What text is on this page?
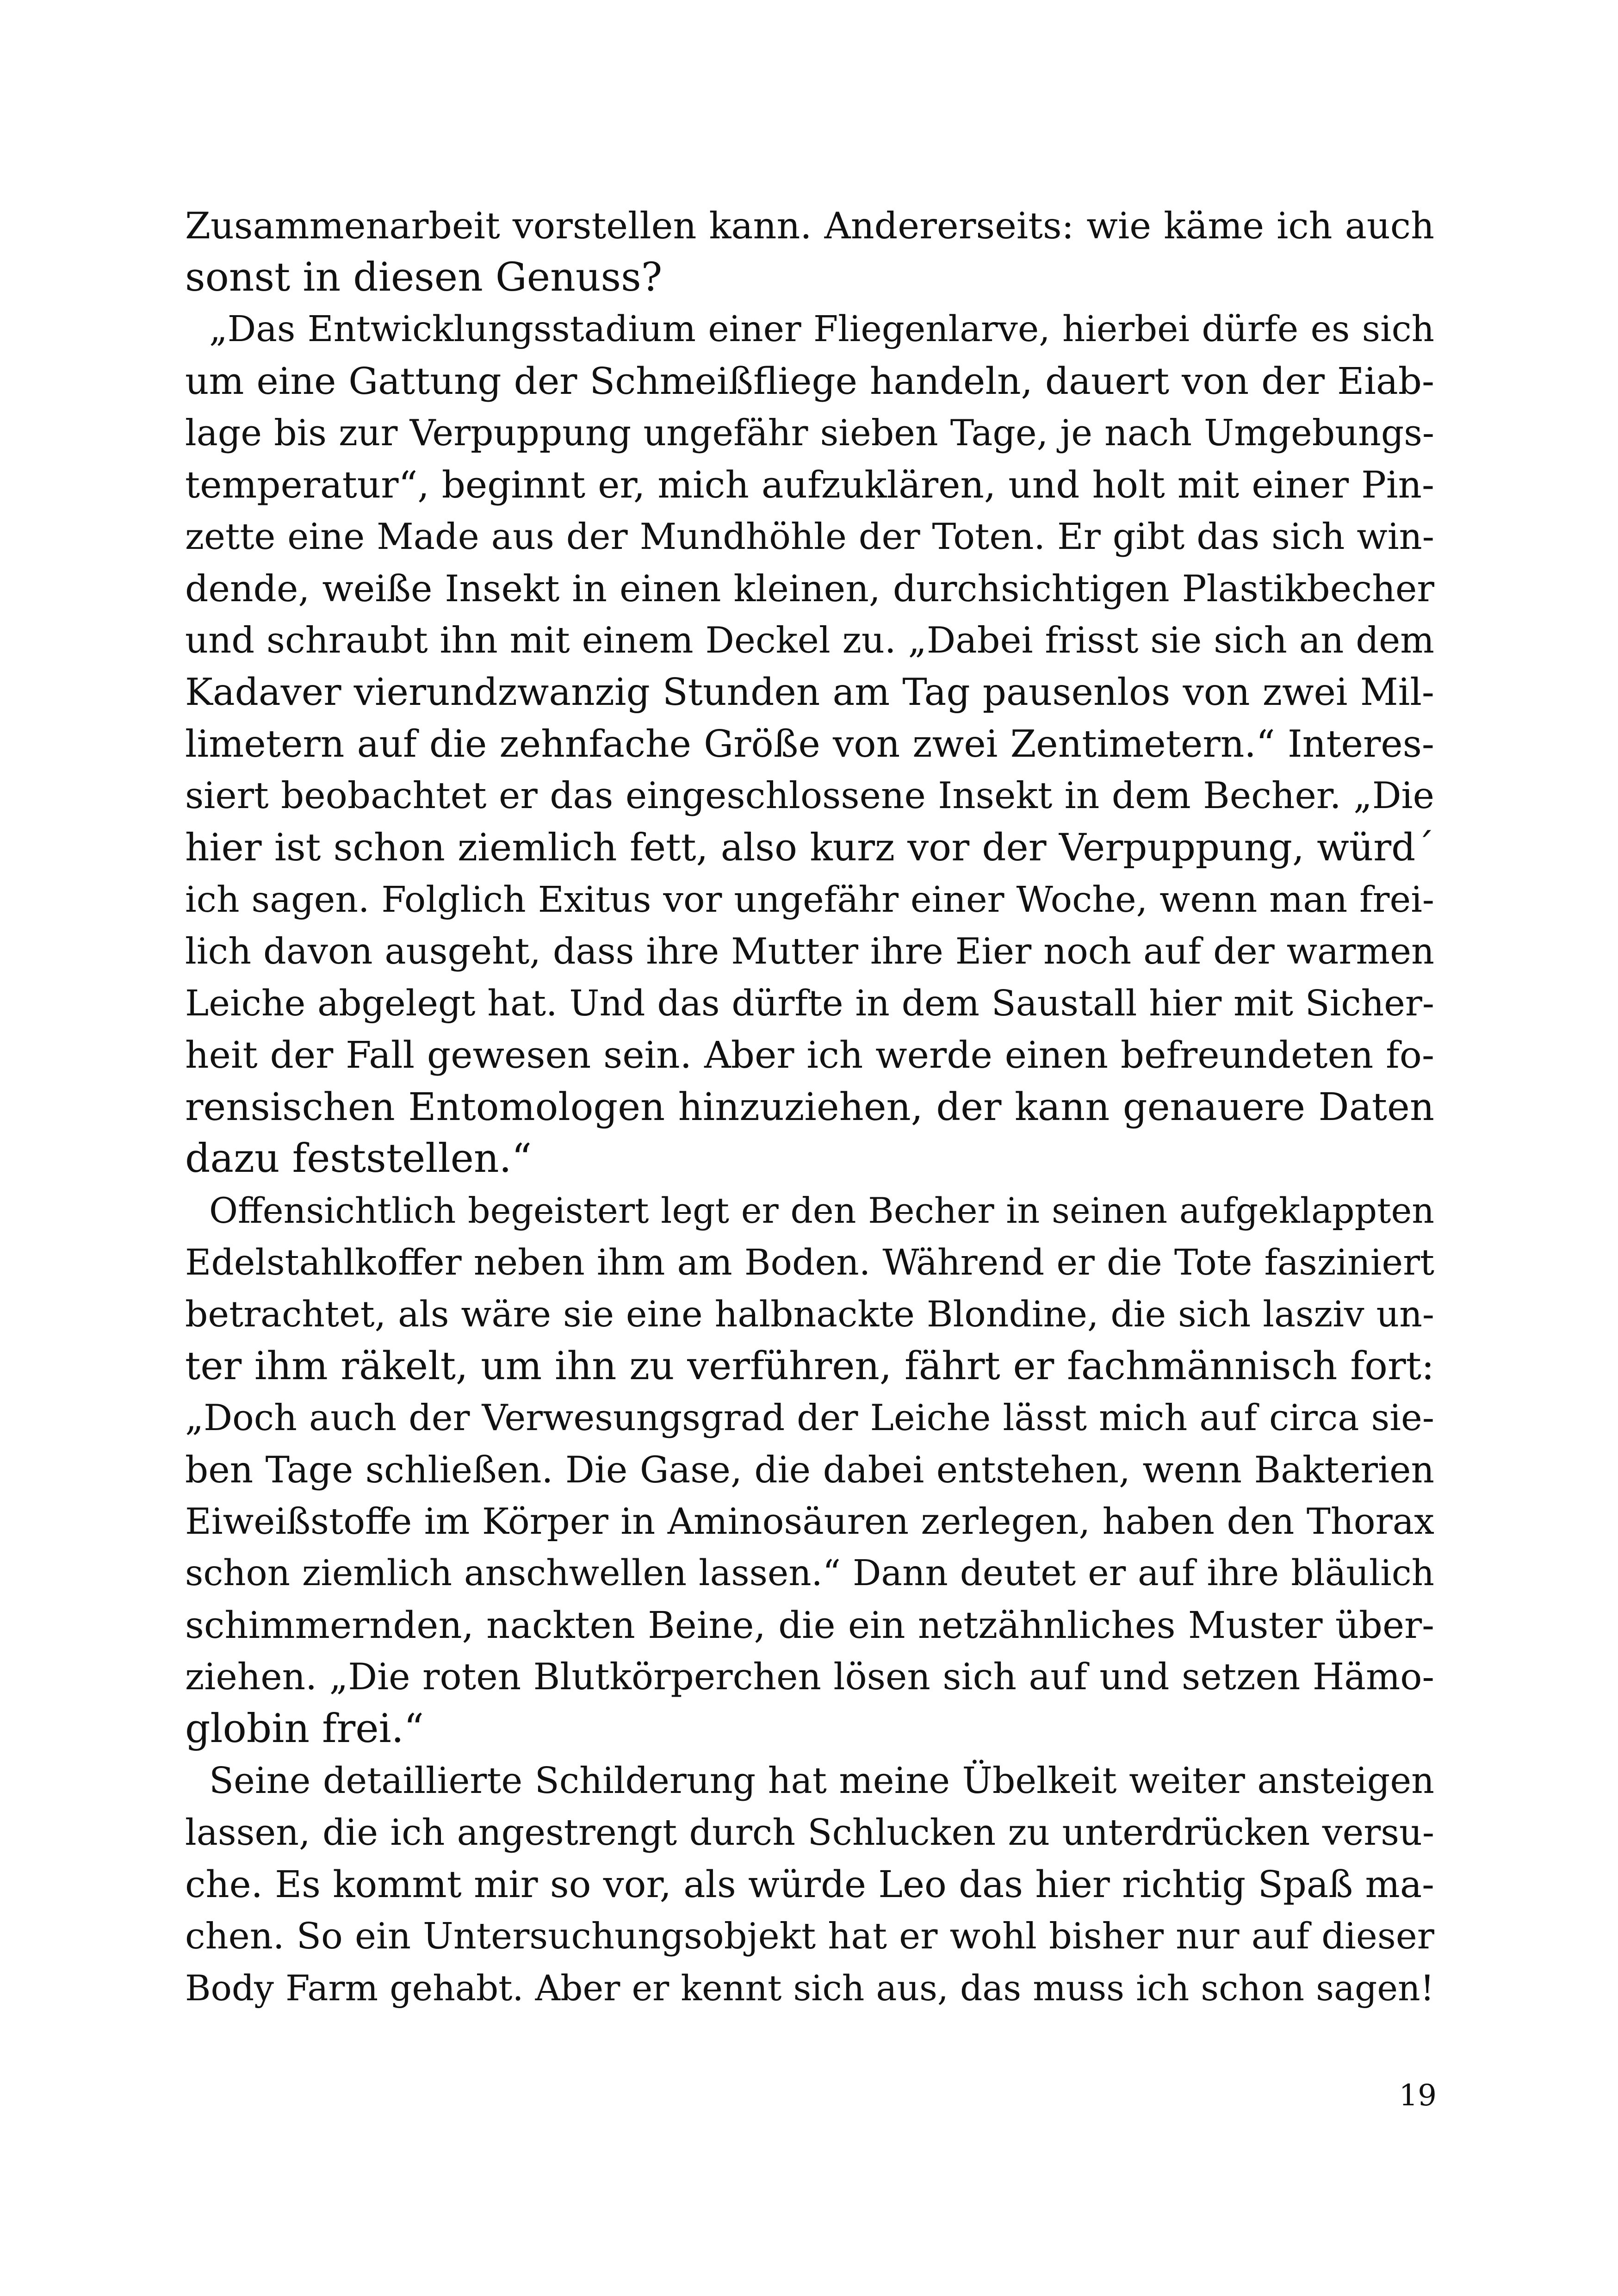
Zusammenarbeit vorstellen kann. Andererseits: wie käme ich auch
sonst in diesen Genuss?
„Das Entwicklungsstadium einer Fliegenlarve, hierbei dürfe es sich
um eine Gattung der Schmeißfliege handeln, dauert von der Eiab-
lage bis zur Verpuppung ungefähr sieben Tage, je nach Umgebungs-
temperatur“, beginnt er, mich aufzuklären, und holt mit einer Pin-
zette eine Made aus der Mundhöhle der Toten. Er gibt das sich win-
dende, weiße Insekt in einen kleinen, durchsichtigen Plastikbecher
und schraubt ihn mit einem Deckel zu. „Dabei frisst sie sich an dem
Kadaver vierundzwanzig Stunden am Tag pausenlos von zwei Mil-
limetern auf die zehnfache Größe von zwei Zentimetern.“ Interes-
siert beobachtet er das eingeschlossene Insekt in dem Becher. „Die
hier ist schon ziemlich fett, also kurz vor der Verpuppung, würd´
ich sagen. Folglich Exitus vor ungefähr einer Woche, wenn man frei-
lich davon ausgeht, dass ihre Mutter ihre Eier noch auf der warmen
Leiche abgelegt hat. Und das dürfte in dem Saustall hier mit Sicher-
heit der Fall gewesen sein. Aber ich werde einen befreundeten fo-
rensischen Entomologen hinzuziehen, der kann genauere Daten
dazu feststellen.“
Offensichtlich begeistert legt er den Becher in seinen aufgeklappten
Edelstahlkoffer neben ihm am Boden. Während er die Tote fasziniert
betrachtet, als wäre sie eine halbnackte Blondine, die sich lasziv un-
ter ihm räkelt, um ihn zu verführen, fährt er fachmännisch fort:
„Doch auch der Verwesungsgrad der Leiche lässt mich auf circa sie-
ben Tage schließen. Die Gase, die dabei entstehen, wenn Bakterien
Eiweißstoffe im Körper in Aminosäuren zerlegen, haben den Thorax
schon ziemlich anschwellen lassen.“ Dann deutet er auf ihre bläulich
schimmernden, nackten Beine, die ein netzähnliches Muster über-
ziehen. „Die roten Blutkörperchen lösen sich auf und setzen Hämo-
globin frei.“
Seine detaillierte Schilderung hat meine Übelkeit weiter ansteigen
lassen, die ich angestrengt durch Schlucken zu unterdrücken versu-
che. Es kommt mir so vor, als würde Leo das hier richtig Spaß ma-
chen. So ein Untersuchungsobjekt hat er wohl bisher nur auf dieser
Body Farm gehabt. Aber er kennt sich aus, das muss ich schon sagen!
19
